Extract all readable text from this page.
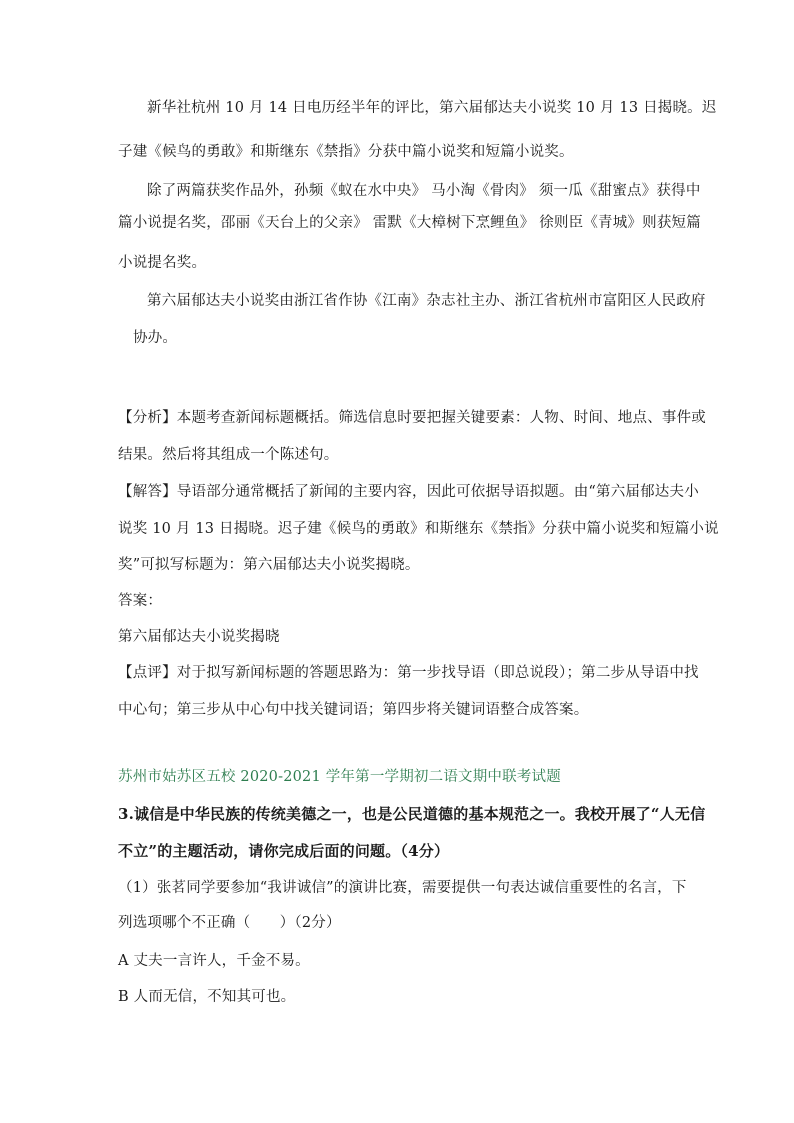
新华社杭州 10 月 14 日电历经半年的评比，第六届郁达夫小说奖 10 月 13 日揭晓。迟
子建《候鸟的勇敢》和斯继东《禁指》分获中篇小说奖和短篇小说奖。
除了两篇获奖作品外，孙频《蚁在水中央》 马小淘《骨肉》 须一瓜《甜蜜点》获得中
篇小说提名奖，邵丽《天台上的父亲》 雷默《大樟树下烹鲤鱼》 徐则臣《青城》则获短篇
小说提名奖。
第六届郁达夫小说奖由浙江省作协《江南》杂志社主办、浙江省杭州市富阳区人民政府
协办。
【分析】本题考查新闻标题概括。筛选信息时要把握关键要素：人物、时间、地点、事件或
结果。然后将其组成一个陈述句。
【解答】导语部分通常概括了新闻的主要内容，因此可依据导语拟题。由“第六届郁达夫小
说奖 10 月 13 日揭晓。迟子建《候鸟的勇敢》和斯继东《禁指》分获中篇小说奖和短篇小说
奖”可拟写标题为：第六届郁达夫小说奖揭晓。
答案：
第六届郁达夫小说奖揭晓
【点评】对于拟写新闻标题的答题思路为：第一步找导语（即总说段）；第二步从导语中找
中心句；第三步从中心句中找关键词语；第四步将关键词语整合成答案。
苏州市姑苏区五校 2020-2021 学年第一学期初二语文期中联考试题
3.诚信是中华民族的传统美德之一，也是公民道德的基本规范之一。我校开展了“人无信
不立”的主题活动，请你完成后面的问题。（4分）
（1）张茗同学要参加“我讲诚信”的演讲比赛，需要提供一句表达诚信重要性的名言，下
列选项哪个不正确（　　）（2分）
A 丈夫一言许人，千金不易。
B 人而无信，不知其可也。
